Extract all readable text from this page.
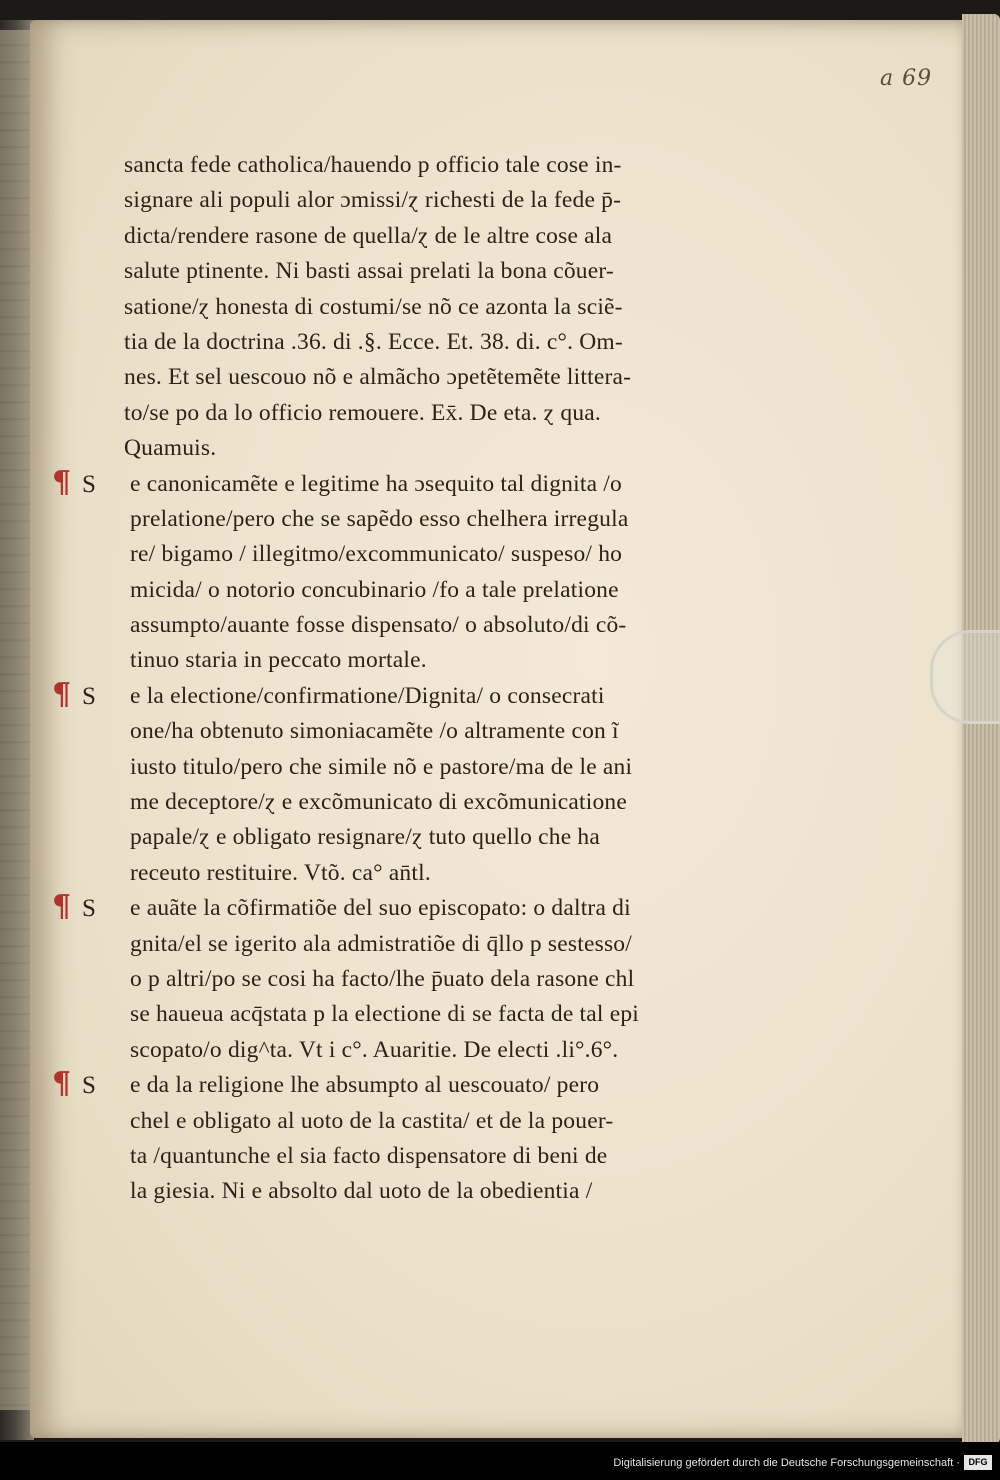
a 69
sancta fede catholica/hauendo p officio tale cose in-
signare ali populi alor ɔmissi/ɀ richesti de la fede p̄-
dicta/rendere rasone de quella/ɀ de le altre cose ala
salute ptinente. Ni basti assai prelati la bona cõuer-
satione/ɀ honesta di costumi/se nõ ce azonta la sciẽ-
tia de la doctrina .36. di .§. Ecce. Et. 38. di. c°. Om-
nes. Et sel uescouo nõ e almãcho ɔpetẽtemẽte littera-
to/se po da lo officio remouere. Ex̄. De eta. ɀ qua.
Quamuis.
¶ S e canonicamẽte e legitime ha ɔsequito tal dignita /o
prelatione/pero che se sapẽdo esso chelhera irregula
re/ bigamo / illegitmo/excommunicato/ suspeso/ ho
micida/ o notorio concubinario /fo a tale prelatione
assumpto/auante fosse dispensato/ o absoluto/di cõ-
tinuo staria in peccato mortale.
¶ S e la electione/confirmatione/Dignita/ o consecrati
one/ha obtenuto simoniacamẽte /o altramente con ĩ
iusto titulo/pero che simile nõ e pastore/ma de le ani
me deceptore/ɀ e excõmunicato di excõmunicatione
papale/ɀ e obligato resignare/ɀ tuto quello che ha
receuto restituire. Vtõ. ca° an̄tl.
¶ S e auãte la cõfirmatiõe del suo episcopato: o daltra di
gnita/el se igerito ala admistratiõe di q̄llo p sestesso/
o p altri/po se cosi ha facto/lhe p̄uato dela rasone chl
se haueua acq̄stata p la electione di se facta de tal epi
scopato/o dig^ta. Vt i c°. Auaritie. De electi .li°.6°.
¶ S e da la religione lhe absumpto al uescouato/ pero
chel e obligato al uoto de la castita/ et de la pouer-
ta /quantunche el sia facto dispensatore di beni de
la giesia. Ni e absolto dal uoto de la obedientia /
Digitalisierung gefördert durch die Deutsche Forschungsgemeinschaft · DFG
